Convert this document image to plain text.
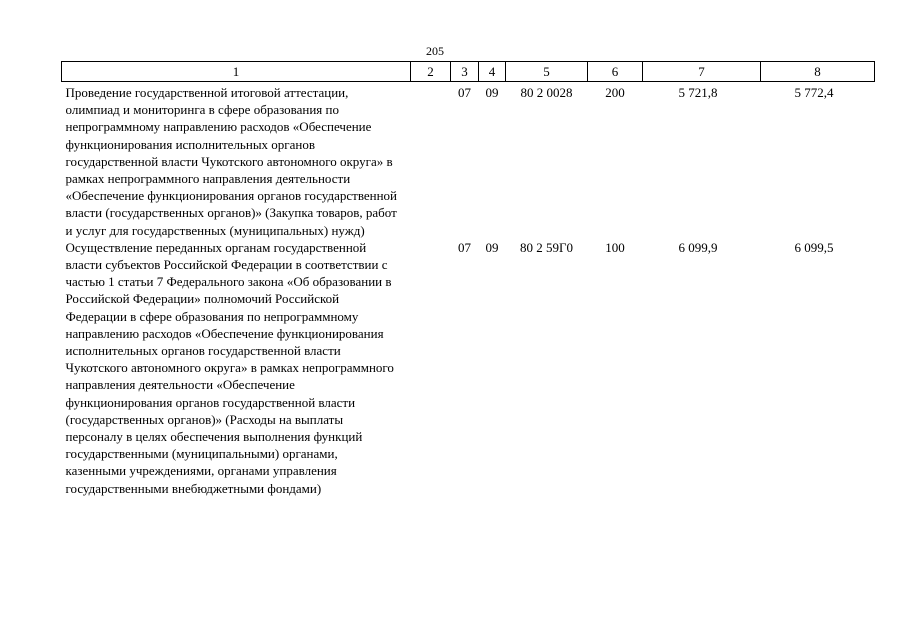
205
1	2	3	4	5	6	7	8
Проведение государственной итоговой аттестации, олимпиад и мониторинга в сфере образования по непрограммному направлению расходов «Обеспечение функционирования исполнительных органов государственной власти Чукотского автономного округа» в рамках непрограммного направления деятельности «Обеспечение функционирования органов государственной власти (государственных органов)» (Закупка товаров, работ и услуг для государственных (муниципальных) нужд)		07	09	80 2 0028	200	5 721,8	5 772,4
Осуществление переданных органам государственной власти субъектов Российской Федерации в соответствии с частью 1 статьи 7 Федерального закона «Об образовании в Российской Федерации» полномочий Российской Федерации в сфере образования по непрограммному направлению расходов «Обеспечение функционирования исполнительных органов государственной власти Чукотского автономного округа» в рамках непрограммного направления деятельности «Обеспечение функционирования органов государственной власти (государственных органов)» (Расходы на выплаты персоналу в целях обеспечения выполнения функций государственными (муниципальными) органами, казенными учреждениями, органами управления государственными внебюджетными фондами)		07	09	80 2 59Г0	100	6 099,9	6 099,5
